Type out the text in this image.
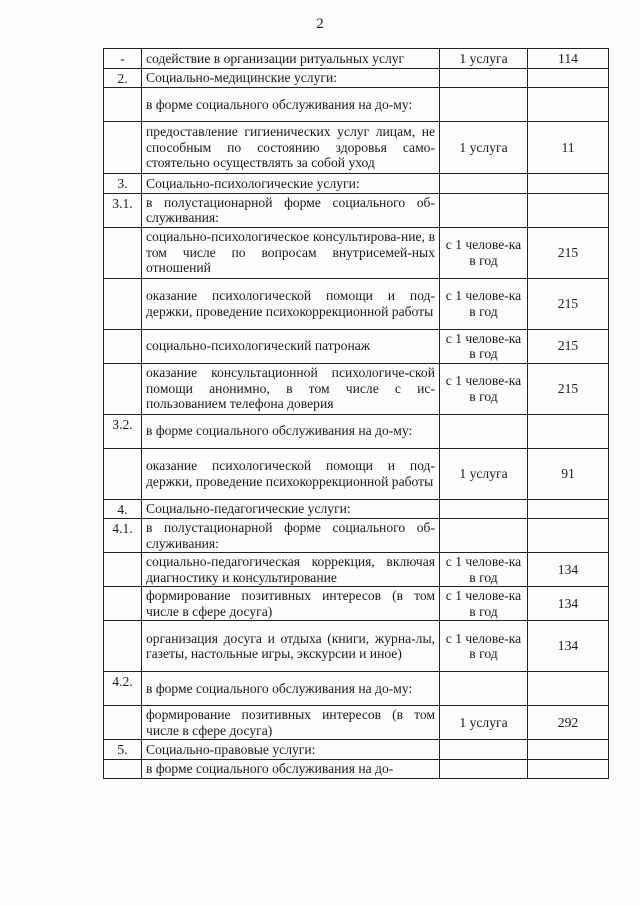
2
-	содействие в организации ритуальных услуг	1 услуга	114
2.	Социально-медицинские услуги:		
	в форме социального обслуживания на до-му:		
	предоставление гигиенических услуг лицам, не способным по состоянию здоровья само-стоятельно осуществлять за собой уход	1 услуга	11
3.	Социально-психологические услуги:		
3.1.	в полустационарной форме социального об-служивания:		
	социально-психологическое консультирова-ние, в том числе по вопросам внутрисемей-ных отношений	с 1 челове-ка в год	215
	оказание психологической помощи и под-держки, проведение психокоррекционной работы	с 1 челове-ка в год	215
	социально-психологический патронаж	с 1 челове-ка в год	215
	оказание консультационной психологиче-ской помощи анонимно, в том числе с ис-пользованием телефона доверия	с 1 челове-ка в год	215
3.2.	в форме социального обслуживания на до-му:		
	оказание психологической помощи и под-держки, проведение психокоррекционной работы	1 услуга	91
4.	Социально-педагогические услуги:		
4.1.	в полустационарной форме социального об-служивания:		
	социально-педагогическая коррекция, включая диагностику и консультирование	с 1 челове-ка в год	134
	формирование позитивных интересов (в том числе в сфере досуга)	с 1 челове-ка в год	134
	организация досуга и отдыха (книги, журна-лы, газеты, настольные игры, экскурсии и иное)	с 1 челове-ка в год	134
4.2.	в форме социального обслуживания на до-му:		
	формирование позитивных интересов (в том числе в сфере досуга)	1 услуга	292
5.	Социально-правовые услуги:		
	в форме социального обслуживания на до-		
